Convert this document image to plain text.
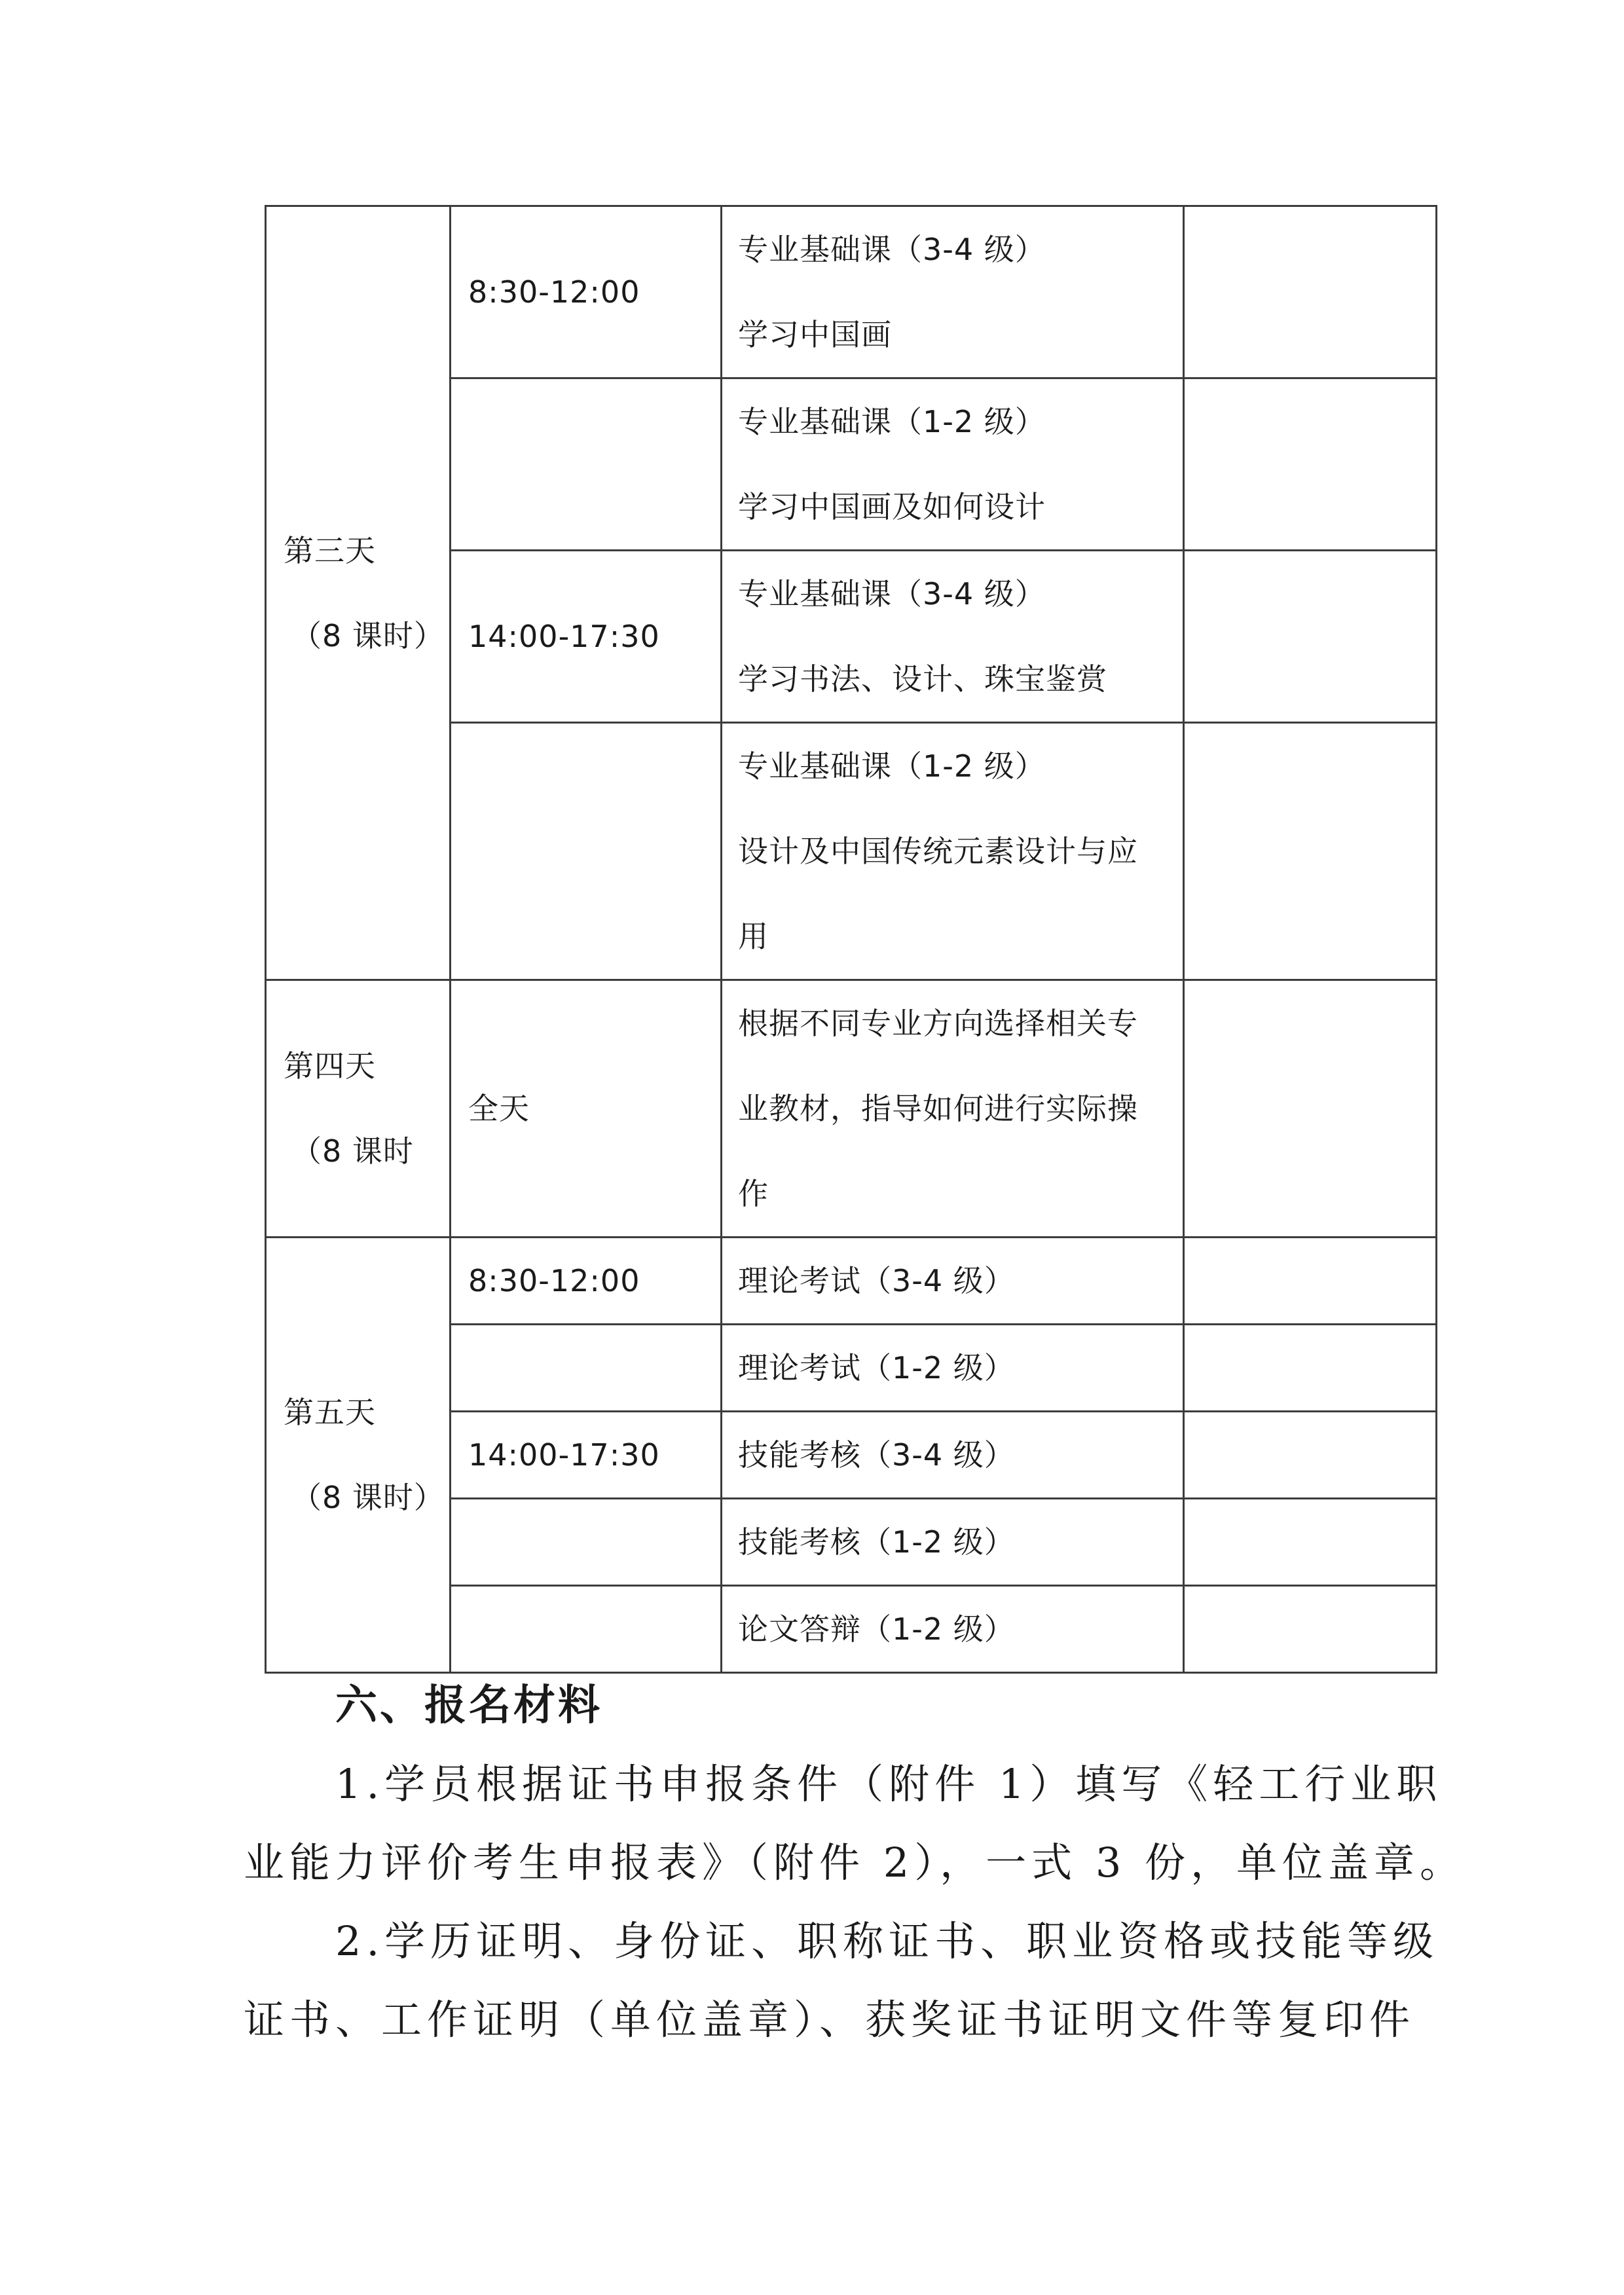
第三天
（8 课时）	8:30-12:00	专业基础课（3-4 级）
学习中国画	

		专业基础课（1-2 级）
学习中国画及如何设计	

	14:00-17:30	专业基础课（3-4 级）
学习书法、设计、珠宝鉴赏	

		专业基础课（1-2 级）
设计及中国传统元素设计与应
用	

第四天
（8 课时	全天	根据不同专业方向选择相关专
业教材，指导如何进行实际操
作	

第五天
（8 课时）	8:30-12:00	理论考试（3-4 级）	
		理论考试（1-2 级）	
	14:00-17:30	技能考核（3-4 级）	
		技能考核（1-2 级）	
		论文答辩（1-2 级）	
六、报名材料
1.学员根据证书申报条件（附件 1）填写《轻工行业职
业能力评价考生申报表》（附件 2），一式 3 份，单位盖章。
2.学历证明、身份证、职称证书、职业资格或技能等级
证书、工作证明（单位盖章）、获奖证书证明文件等复印件
